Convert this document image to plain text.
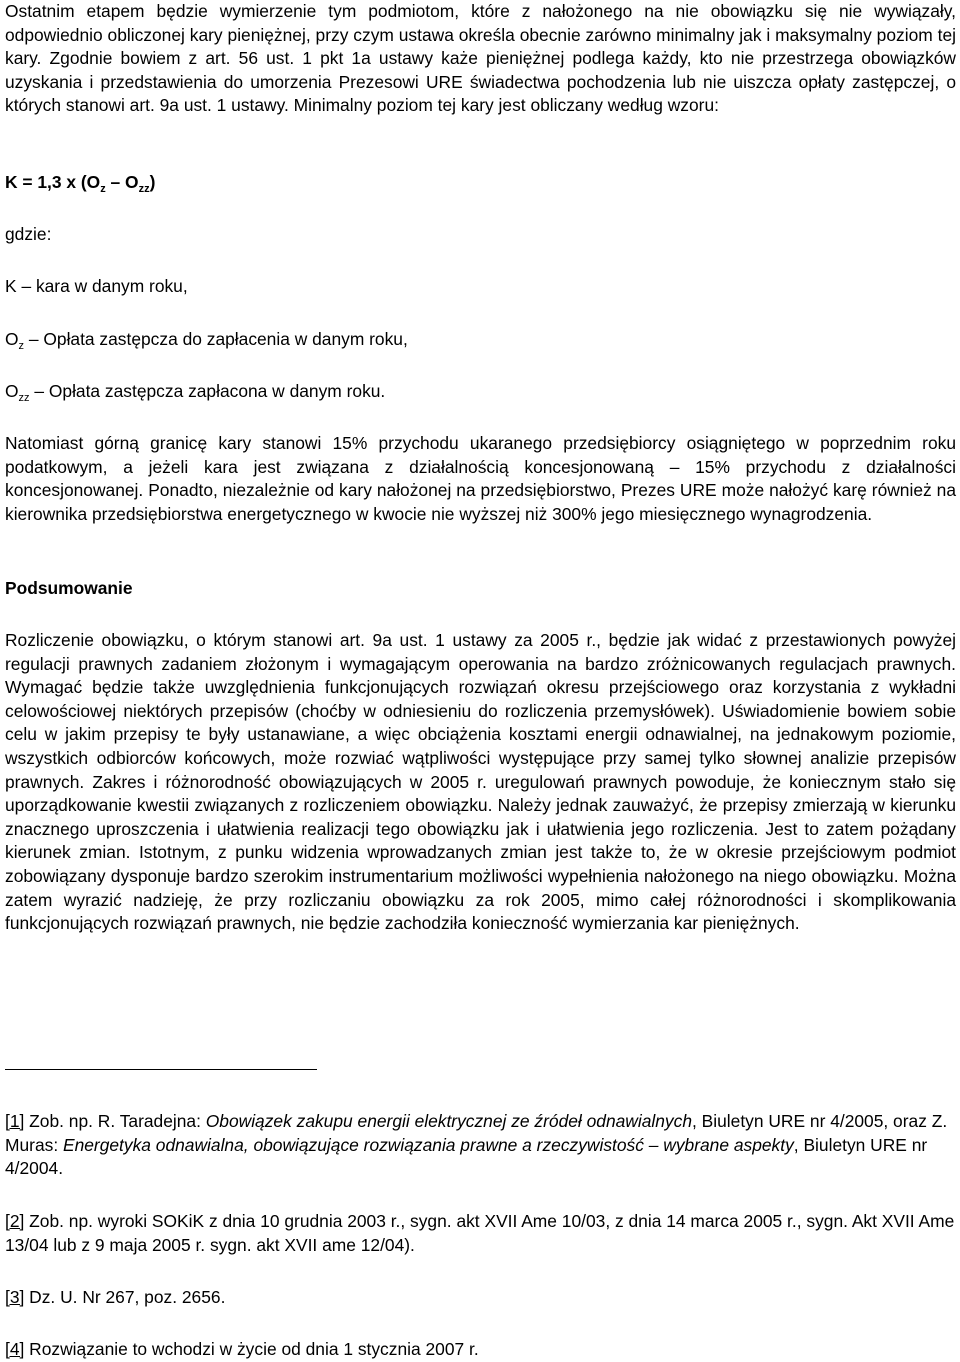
Ostatnim etapem będzie wymierzenie tym podmiotom, które z nałożonego na nie obowiązku się nie wywiązały, odpowiednio obliczonej kary pieniężnej, przy czym ustawa określa obecnie zarówno minimalny jak i maksymalny poziom tej kary. Zgodnie bowiem z art. 56 ust. 1 pkt 1a ustawy każe pieniężnej podlega każdy, kto nie przestrzega obowiązków uzyskania i przedstawienia do umorzenia Prezesowi URE świadectwa pochodzenia lub nie uiszcza opłaty zastępczej, o których stanowi art. 9a ust. 1 ustawy. Minimalny poziom tej kary jest obliczany według wzoru:

K = 1,3 x $(O_z - O_{zz})$

gdzie:

K – kara w danym roku,

$O_z$ – Opłata zastępcza do zapłacenia w danym roku,

$O_{zz}$ – Opłata zastępcza zapłacona w danym roku.

Natomiast górną granicę kary stanowi 15% przychodu ukaranego przedsiębiorcy osiągniętego w poprzednim roku podatkowym, a jeżeli kara jest związana z działalnością koncesjonowaną – 15% przychodu z działalności koncesjonowanej. Ponadto, niezależnie od kary nałożonej na przedsiębiorstwo, Prezes URE może nałożyć karę również na kierownika przedsiębiorstwa energetycznego w kwocie nie wyższej niż 300% jego miesięcznego wynagrodzenia.

Podsumowanie

Rozliczenie obowiązku, o którym stanowi art. 9a ust. 1 ustawy za 2005 r., będzie jak widać z przestawionych powyżej regulacji prawnych zadaniem złożonym i wymagającym operowania na bardzo zróżnicowanych regulacjach prawnych. Wymagać będzie także uwzględnienia funkcjonujących rozwiązań okresu przejściowego oraz korzystania z wykładni celowościowej niektórych przepisów (choćby w odniesieniu do rozliczenia przemysłówek). Uświadomienie bowiem sobie celu w jakim przepisy te były ustanawiane, a więc obciążenia kosztami energii odnawialnej, na jednakowym poziomie, wszystkich odbiorców końcowych, może rozwiać wątpliwości występujące przy samej tylko słownej analizie przepisów prawnych. Zakres i różnorodność obowiązujących w 2005 r. uregulowań prawnych powoduje, że koniecznym stało się uporządkowanie kwestii związanych z rozliczeniem obowiązku. Należy jednak zauważyć, że przepisy zmierzają w kierunku znacznego uproszczenia i ułatwienia realizacji tego obowiązku jak i ułatwienia jego rozliczenia. Jest to zatem pożądany kierunek zmian. Istotnym, z punku widzenia wprowadzanych zmian jest także to, że w okresie przejściowym podmiot zobowiązany dysponuje bardzo szerokim instrumentarium możliwości wypełnienia nałożonego na niego obowiązku. Można zatem wyrazić nadzieję, że przy rozliczaniu obowiązku za rok 2005, mimo całej różnorodności i skomplikowania funkcjonujących rozwiązań prawnych, nie będzie zachodziła konieczność wymierzania kar pieniężnych.

[1] Zob. np. R. Taradejna: Obowiązek zakupu energii elektrycznej ze źródeł odnawialnych, Biuletyn URE nr 4/2005, oraz Z. Muras: Energetyka odnawialna, obowiązujące rozwiązania prawne a rzeczywistość – wybrane aspekty, Biuletyn URE nr 4/2004.

[2] Zob. np. wyroki SOKiK z dnia 10 grudnia 2003 r., sygn. akt XVII Ame 10/03, z dnia 14 marca 2005 r., sygn. Akt XVII Ame 13/04 lub z 9 maja 2005 r. sygn. akt XVII ame 12/04).

[3] Dz. U. Nr 267, poz. 2656.

[4] Rozwiązanie to wchodzi w życie od dnia 1 stycznia 2007 r.
